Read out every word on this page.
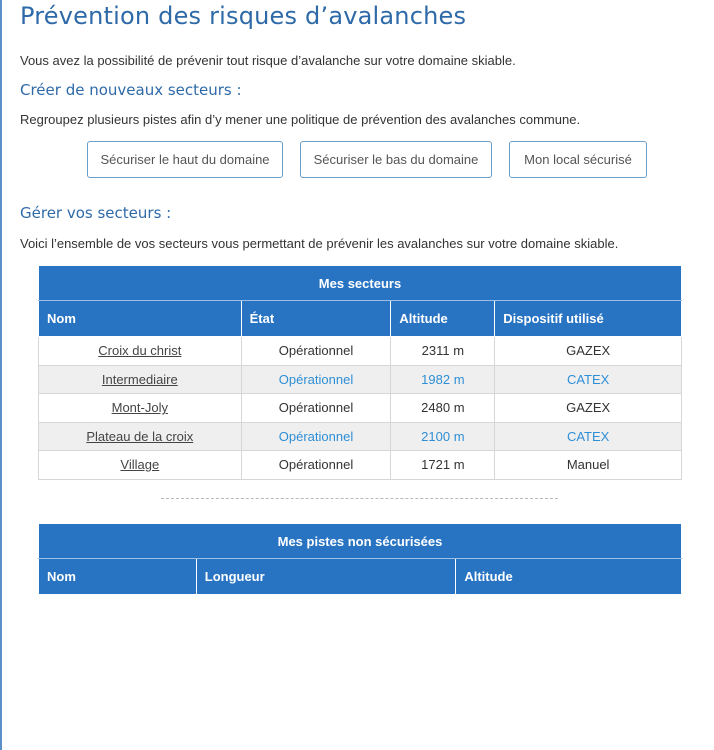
Prévention des risques d’avalanches
Vous avez la possibilité de prévenir tout risque d’avalanche sur votre domaine skiable.
Créer de nouveaux secteurs :
Regroupez plusieurs pistes afin d’y mener une politique de prévention des avalanches commune.
Sécuriser le haut du domaine	Sécuriser le bas du domaine	Mon local sécurisé
Gérer vos secteurs :
Voici l’ensemble de vos secteurs vous permettant de prévenir les avalanches sur votre domaine skiable.
Mes secteurs			
Nom	État	Altitude	Dispositif utilisé
Croix du christ	Opérationnel	2311 m	GAZEX
Intermediaire	Opérationnel	1982 m	CATEX
Mont-Joly	Opérationnel	2480 m	GAZEX
Plateau de la croix	Opérationnel	2100 m	CATEX
Village	Opérationnel	1721 m	Manuel
Mes pistes non sécurisées
Nom	Longueur	Altitude
